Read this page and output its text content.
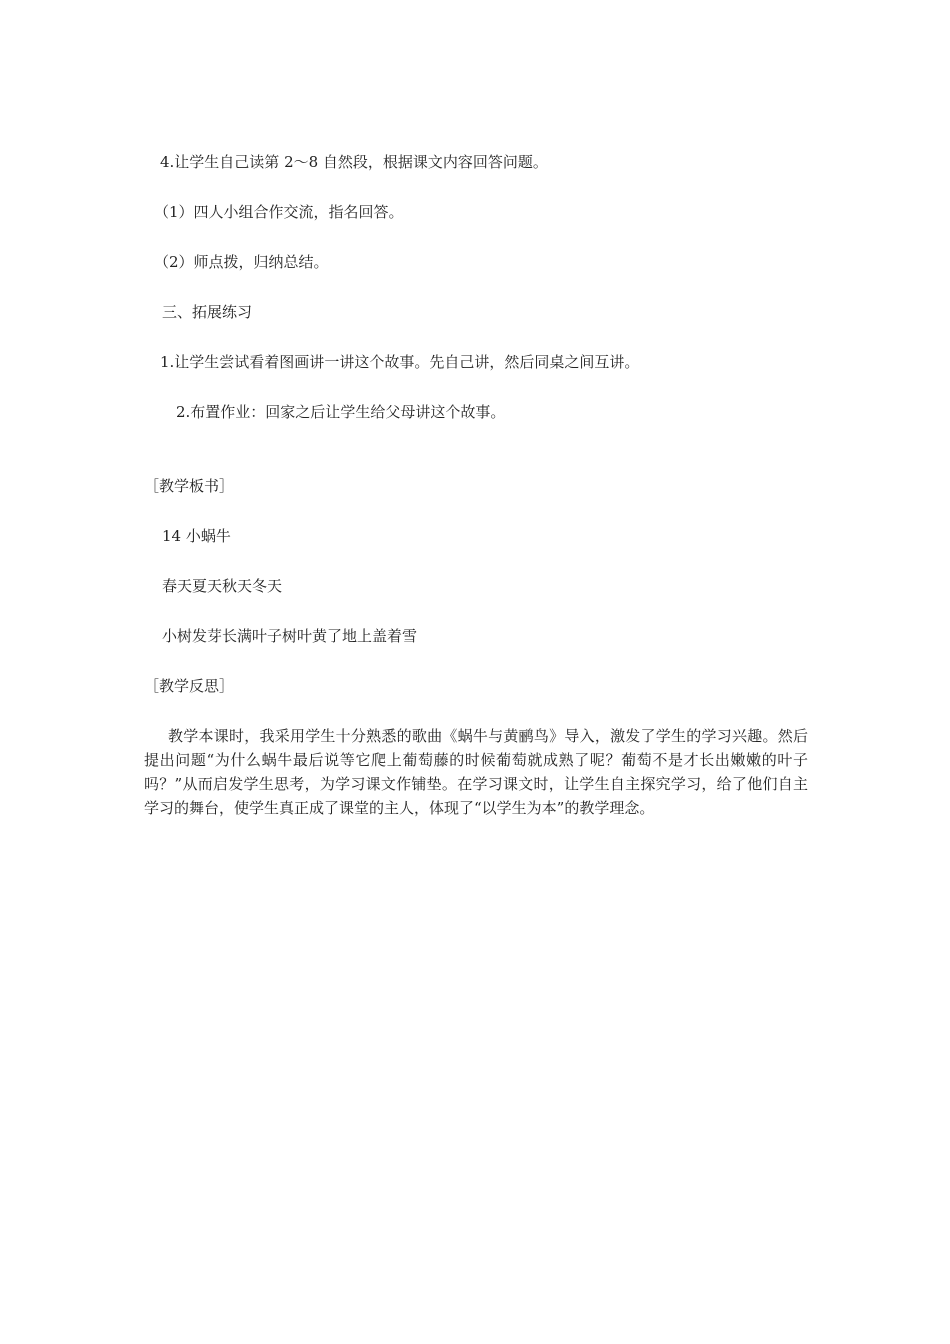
4.让学生自己读第 2～8 自然段，根据课文内容回答问题。
（1）四人小组合作交流，指名回答。
（2）师点拨，归纳总结。
三、拓展练习
1.让学生尝试看着图画讲一讲这个故事。先自己讲，然后同桌之间互讲。
2.布置作业：回家之后让学生给父母讲这个故事。
［教学板书］
14 小蜗牛
春天夏天秋天冬天
小树发芽长满叶子树叶黄了地上盖着雪
［教学反思］
教学本课时，我采用学生十分熟悉的歌曲《蜗牛与黄鹂鸟》导入，激发了学生的学习兴趣。然后提出问题“为什么蜗牛最后说等它爬上葡萄藤的时候葡萄就成熟了呢？葡萄不是才长出嫩嫩的叶子吗？”从而启发学生思考，为学习课文作铺垫。在学习课文时，让学生自主探究学习，给了他们自主学习的舞台，使学生真正成了课堂的主人，体现了“以学生为本”的教学理念。
